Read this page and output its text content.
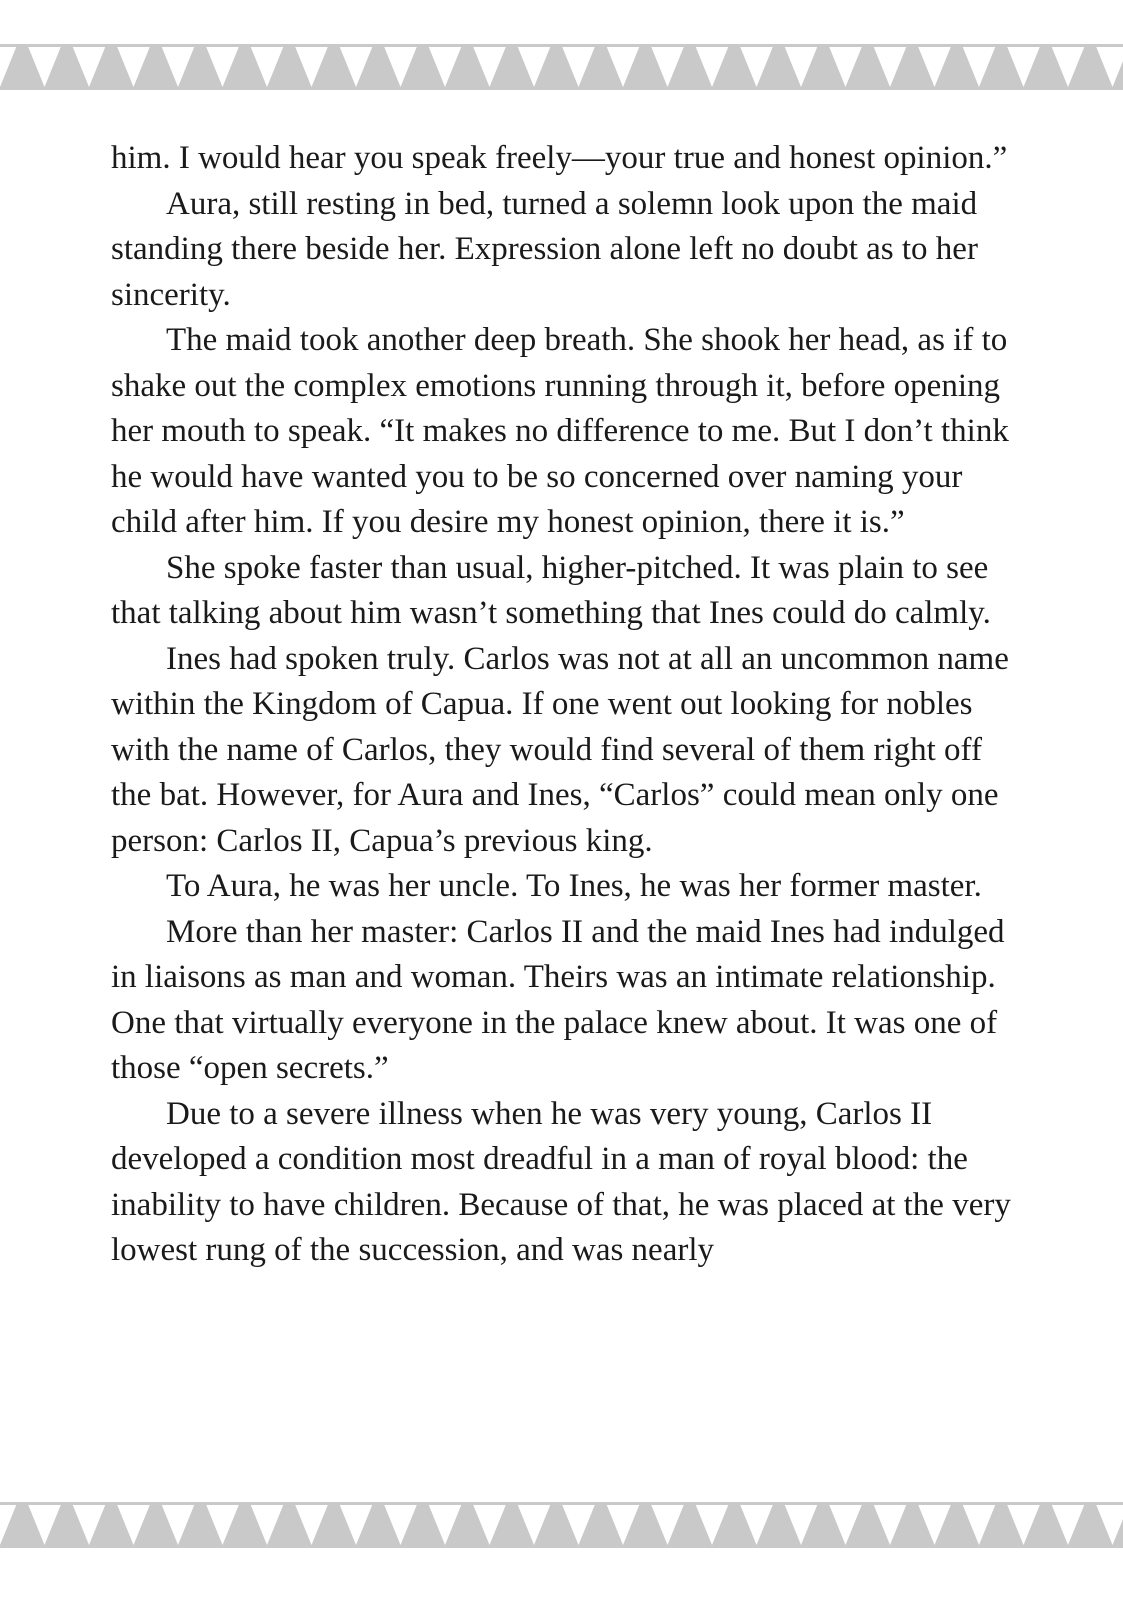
him. I would hear you speak freely—your true and honest opinion.”

Aura, still resting in bed, turned a solemn look upon the maid standing there beside her. Expression alone left no doubt as to her sincerity.

The maid took another deep breath. She shook her head, as if to shake out the complex emotions running through it, before opening her mouth to speak. “It makes no difference to me. But I don’t think he would have wanted you to be so concerned over naming your child after him. If you desire my honest opinion, there it is.”

She spoke faster than usual, higher-pitched. It was plain to see that talking about him wasn’t something that Ines could do calmly.

Ines had spoken truly. Carlos was not at all an uncommon name within the Kingdom of Capua. If one went out looking for nobles with the name of Carlos, they would find several of them right off the bat. However, for Aura and Ines, “Carlos” could mean only one person: Carlos II, Capua’s previous king.

To Aura, he was her uncle. To Ines, he was her former master.

More than her master: Carlos II and the maid Ines had indulged in liaisons as man and woman. Theirs was an intimate relationship. One that virtually everyone in the palace knew about. It was one of those “open secrets.”

Due to a severe illness when he was very young, Carlos II developed a condition most dreadful in a man of royal blood: the inability to have children. Because of that, he was placed at the very lowest rung of the succession, and was nearly
